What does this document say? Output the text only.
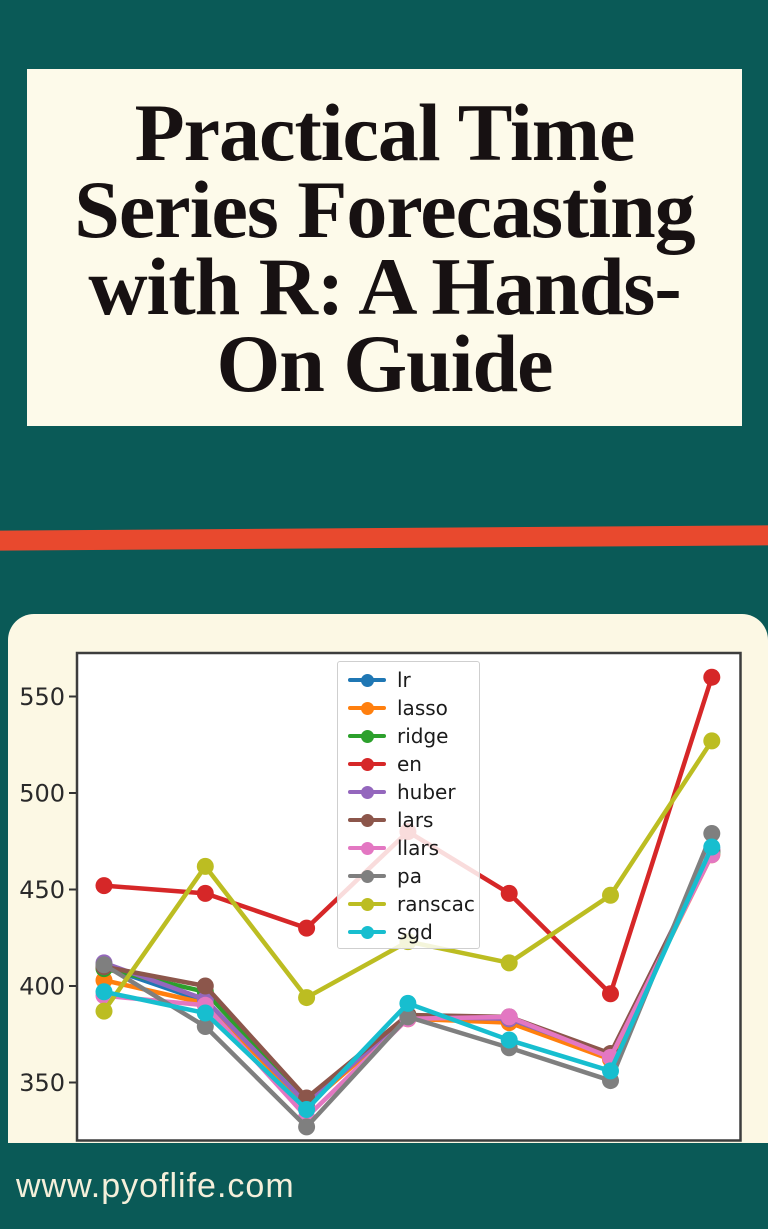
Practical Time
Series Forecasting
with R: A Hands-
On Guide
350
400
450
500
550
lr
lasso
ridge
en
huber
lars
llars
pa
ranscac
sgd
www.pyoflife.com
